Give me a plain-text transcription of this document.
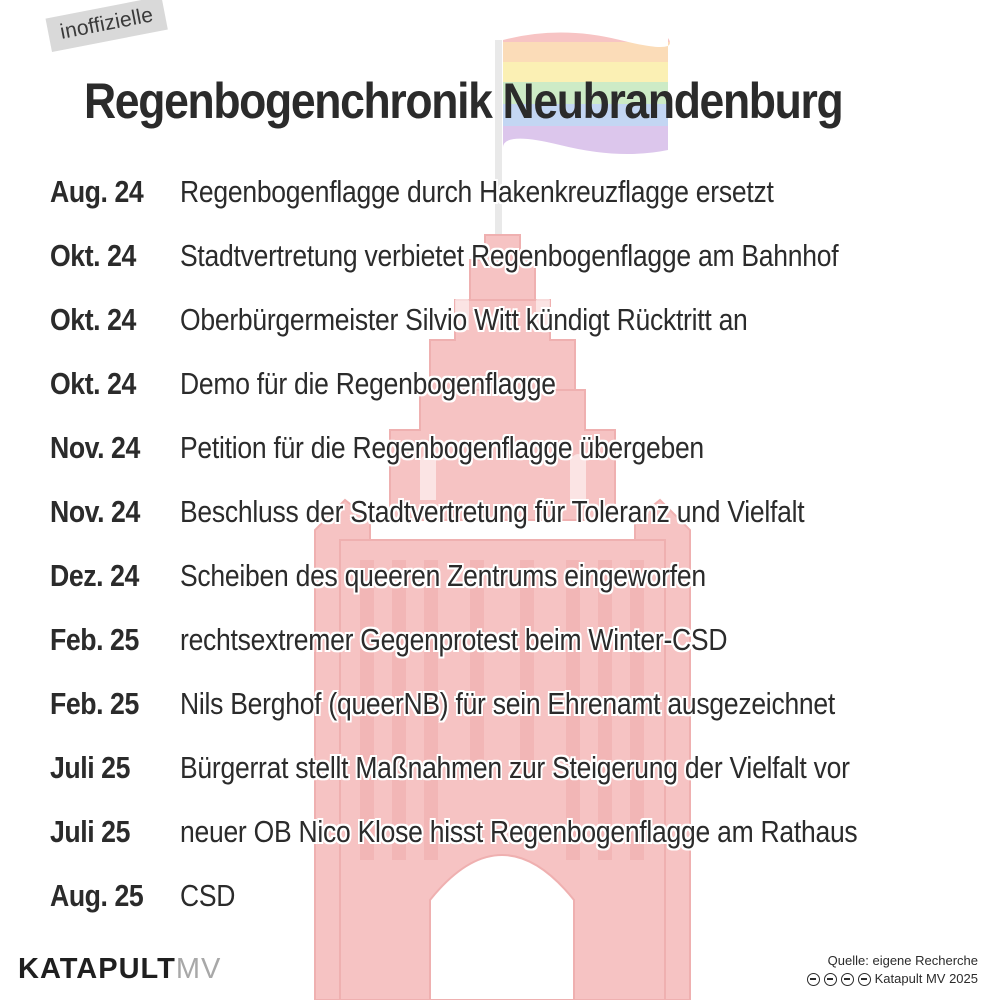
inoffizielle
Regenbogenchronik Neubrandenburg
Aug. 24	Regenbogenflagge durch Hakenkreuzflagge ersetzt
Okt. 24	Stadtvertretung verbietet Regenbogenflagge am Bahnhof
Okt. 24	Oberbürgermeister Silvio Witt kündigt Rücktritt an
Okt. 24	Demo für die Regenbogenflagge
Nov. 24	Petition für die Regenbogenflagge übergeben
Nov. 24	Beschluss der Stadtvertretung für Toleranz und Vielfalt
Dez. 24	Scheiben des queeren Zentrums eingeworfen
Feb. 25	rechtsextremer Gegenprotest beim Winter-CSD
Feb. 25	Nils Berghof (queerNB) für sein Ehrenamt ausgezeichnet
Juli 25	Bürgerrat stellt Maßnahmen zur Steigerung der Vielfalt vor
Juli 25	neuer OB Nico Klose hisst Regenbogenflagge am Rathaus
Aug. 25	CSD
KATAPULTMV	Quelle: eigene Recherche
Katapult MV 2025
